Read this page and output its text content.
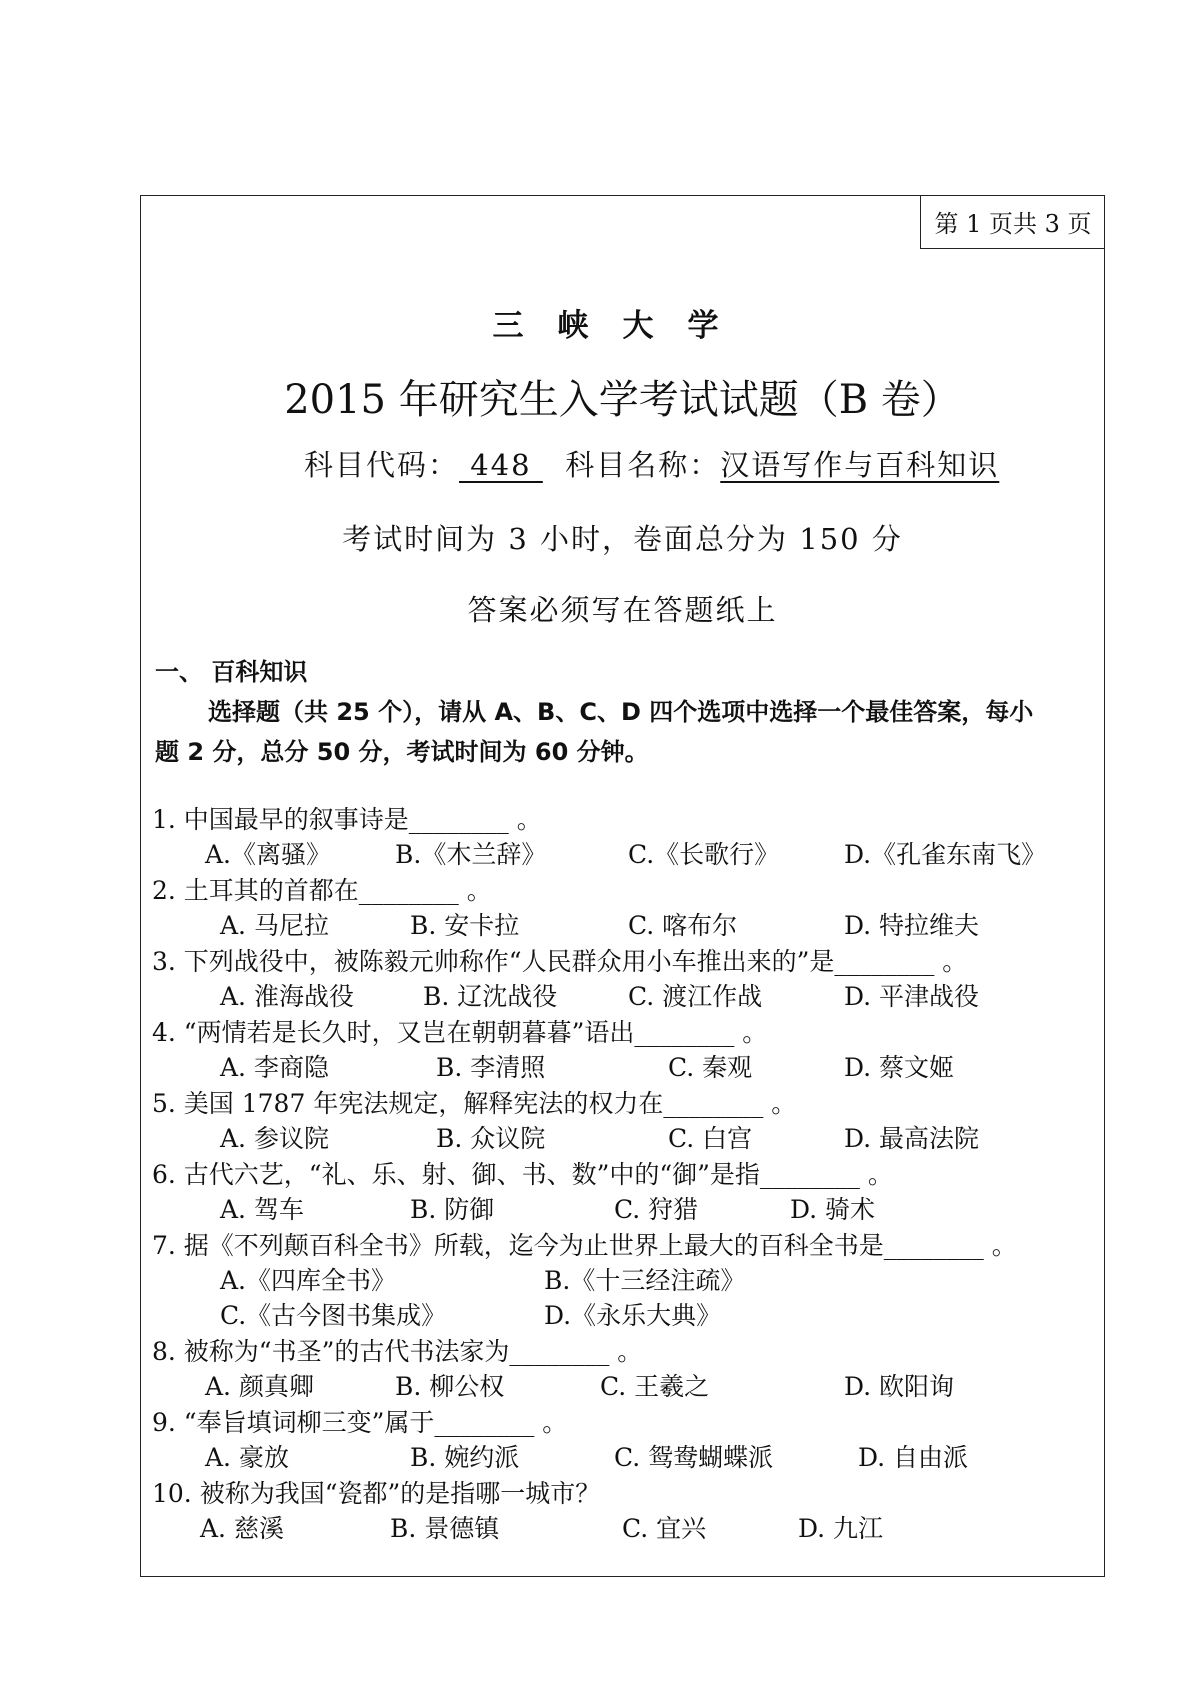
第 1 页共 3 页
三峡大学
2015 年研究生入学考试试题（B 卷）
科目代码： 448   科目名称：汉语写作与百科知识
考试时间为 3 小时，卷面总分为 150 分
答案必须写在答题纸上
一、 百科知识
选择题（共 25 个），请从 A、B、C、D 四个选项中选择一个最佳答案，每小
题 2 分，总分 50 分，考试时间为 60 分钟。
1. 中国最早的叙事诗是________ 。
A.《离骚》	B.《木兰辞》	C.《长歌行》	D.《孔雀东南飞》
2. 土耳其的首都在________ 。
A. 马尼拉	B. 安卡拉	C. 喀布尔	D. 特拉维夫
3. 下列战役中，被陈毅元帅称作“人民群众用小车推出来的”是________ 。
A. 淮海战役	B. 辽沈战役	C. 渡江作战	D. 平津战役
4. “两情若是长久时，又岂在朝朝暮暮”语出________ 。
A. 李商隐	B. 李清照	C. 秦观	D. 蔡文姬
5. 美国 1787 年宪法规定，解释宪法的权力在________ 。
A. 参议院	B. 众议院	C. 白宫	D. 最高法院
6. 古代六艺，“礼、乐、射、御、书、数”中的“御”是指________ 。
A. 驾车	B. 防御	C. 狩猎	D. 骑术
7. 据《不列颠百科全书》所载，迄今为止世界上最大的百科全书是________ 。
A.《四库全书》	B.《十三经注疏》
C.《古今图书集成》	D.《永乐大典》
8. 被称为“书圣”的古代书法家为________ 。
A. 颜真卿	B. 柳公权	C. 王羲之	D. 欧阳询
9. “奉旨填词柳三变”属于________ 。
A. 豪放	B. 婉约派	C. 鸳鸯蝴蝶派	D. 自由派
10. 被称为我国“瓷都”的是指哪一城市？
A. 慈溪	B. 景德镇	C. 宜兴	D. 九江
